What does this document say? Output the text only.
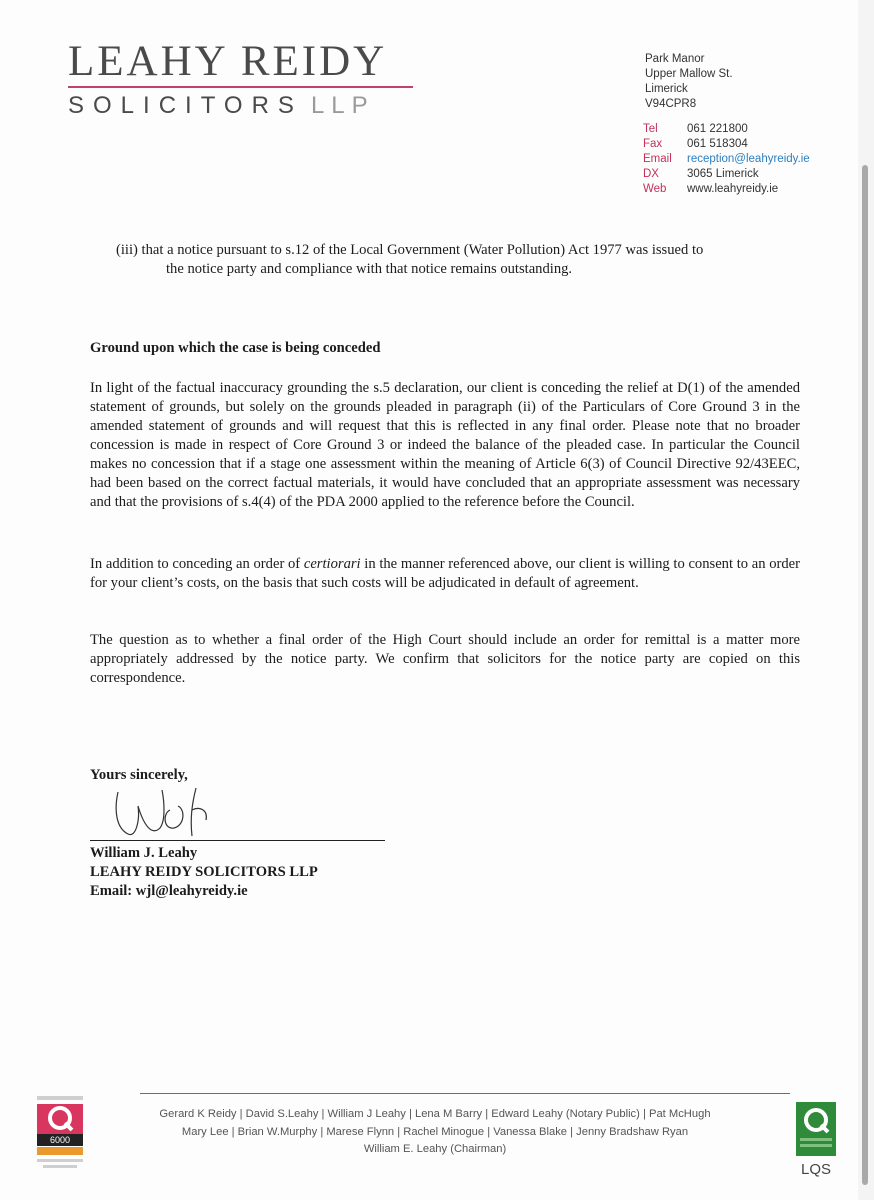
LEAHY REIDY
SOLICITORS LLP
Park Manor
Upper Mallow St.
Limerick
V94CPR8
Tel	061 221800
Fax	061 518304
Email	reception@leahyreidy.ie
DX	3065 Limerick
Web	www.leahyreidy.ie
(iii) that a notice pursuant to s.12 of the Local Government (Water Pollution) Act 1977 was issued to
the notice party and compliance with that notice remains outstanding.
Ground upon which the case is being conceded
In light of the factual inaccuracy grounding the s.5 declaration, our client is conceding the relief at D(1) of the amended statement of grounds, but solely on the grounds pleaded in paragraph (ii) of the Particulars of Core Ground 3 in the amended statement of grounds and will request that this is reflected in any final order. Please note that no broader concession is made in respect of Core Ground 3 or indeed the balance of the pleaded case. In particular the Council makes no concession that if a stage one assessment within the meaning of Article 6(3) of Council Directive 92/43EEC, had been based on the correct factual materials, it would have concluded that an appropriate assessment was necessary and that the provisions of s.4(4) of the PDA 2000 applied to the reference before the Council.
In addition to conceding an order of certiorari in the manner referenced above, our client is willing to consent to an order for your client’s costs, on the basis that such costs will be adjudicated in default of agreement.
The question as to whether a final order of the High Court should include an order for remittal is a matter more appropriately addressed by the notice party. We confirm that solicitors for the notice party are copied on this correspondence.
Yours sincerely,
William J. Leahy
LEAHY REIDY SOLICITORS LLP
Email: wjl@leahyreidy.ie
6000
Gerard K Reidy | David S.Leahy | William J Leahy | Lena M Barry | Edward Leahy (Notary Public) | Pat McHugh
Mary Lee | Brian W.Murphy | Marese Flynn | Rachel Minogue | Vanessa Blake | Jenny Bradshaw Ryan
William E. Leahy (Chairman)
LQS
